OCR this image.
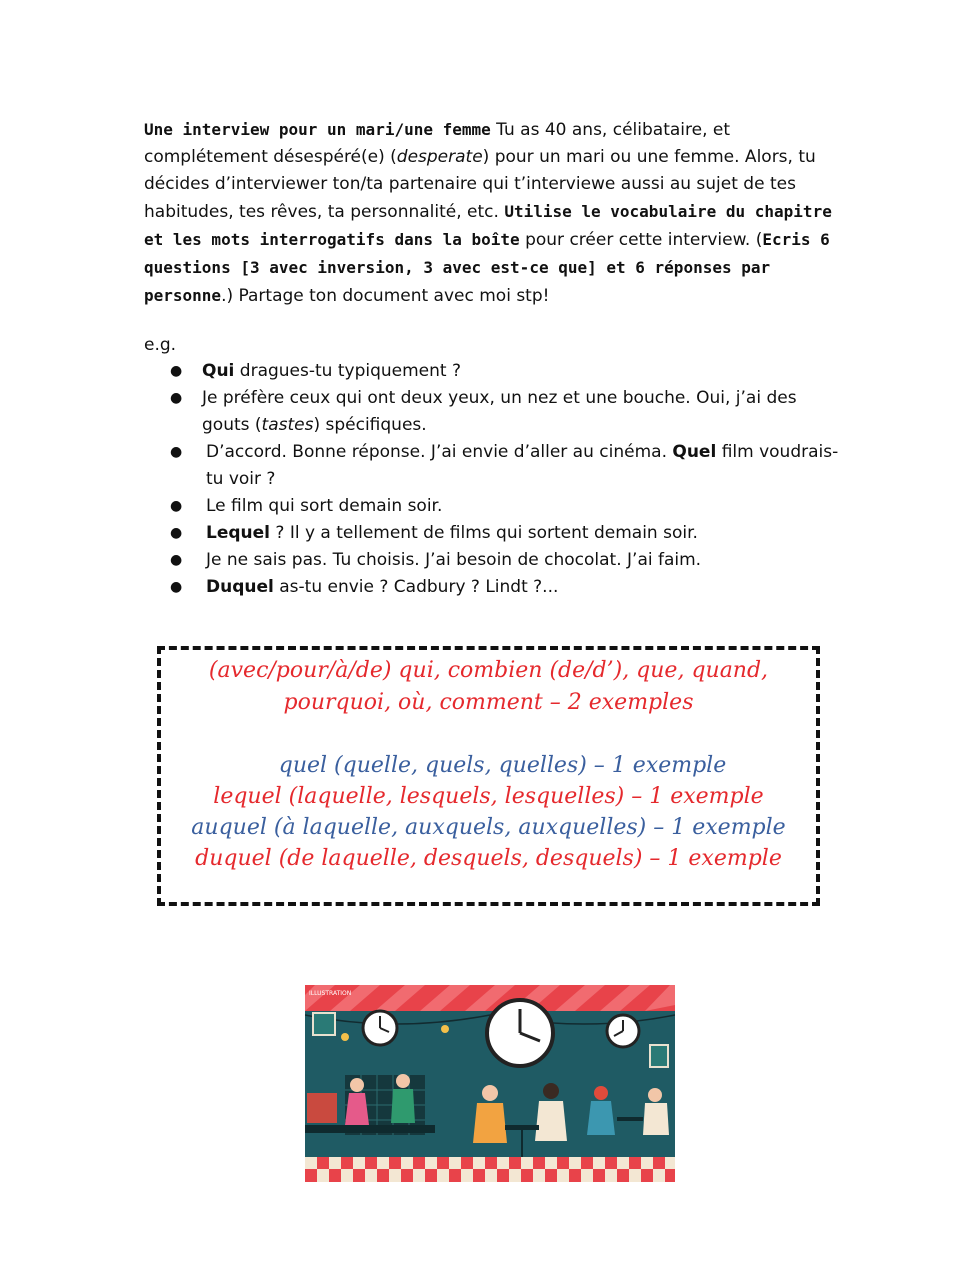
Une interview pour un mari/une femme Tu as 40 ans, célibataire, et complétement désespéré(e) (desperate) pour un mari ou une femme. Alors, tu décides d’interviewer ton/ta partenaire qui t’interviewe aussi au sujet de tes habitudes, tes rêves, ta personnalité, etc. Utilise le vocabulaire du chapitre et les mots interrogatifs dans la boîte pour créer cette interview. (Ecris 6 questions [3 avec inversion, 3 avec est-ce que] et 6 réponses par personne.) Partage ton document avec moi stp!

e.g.

● Qui dragues-tu typiquement ?
● Je préfère ceux qui ont deux yeux, un nez et une bouche. Oui, j’ai des gouts (tastes) spécifiques.
● D’accord. Bonne réponse. J’ai envie d’aller au cinéma. Quel film voudrais-tu voir ?
● Le film qui sort demain soir.
● Lequel ? Il y a tellement de films qui sortent demain soir.
● Je ne sais pas. Tu choisis. J’ai besoin de chocolat. J’ai faim.
● Duquel as-tu envie ? Cadbury ? Lindt ?...
(avec/pour/à/de) qui, combien (de/d’), que, quand,
pourquoi, où, comment – 2 exemples
quel (quelle, quels, quelles) – 1 exemple
lequel (laquelle, lesquels, lesquelles) – 1 exemple
auquel (à laquelle, auxquels, auxquelles) – 1 exemple
duquel (de laquelle, desquels, desquels) – 1 exemple
ILLUSTRATION
